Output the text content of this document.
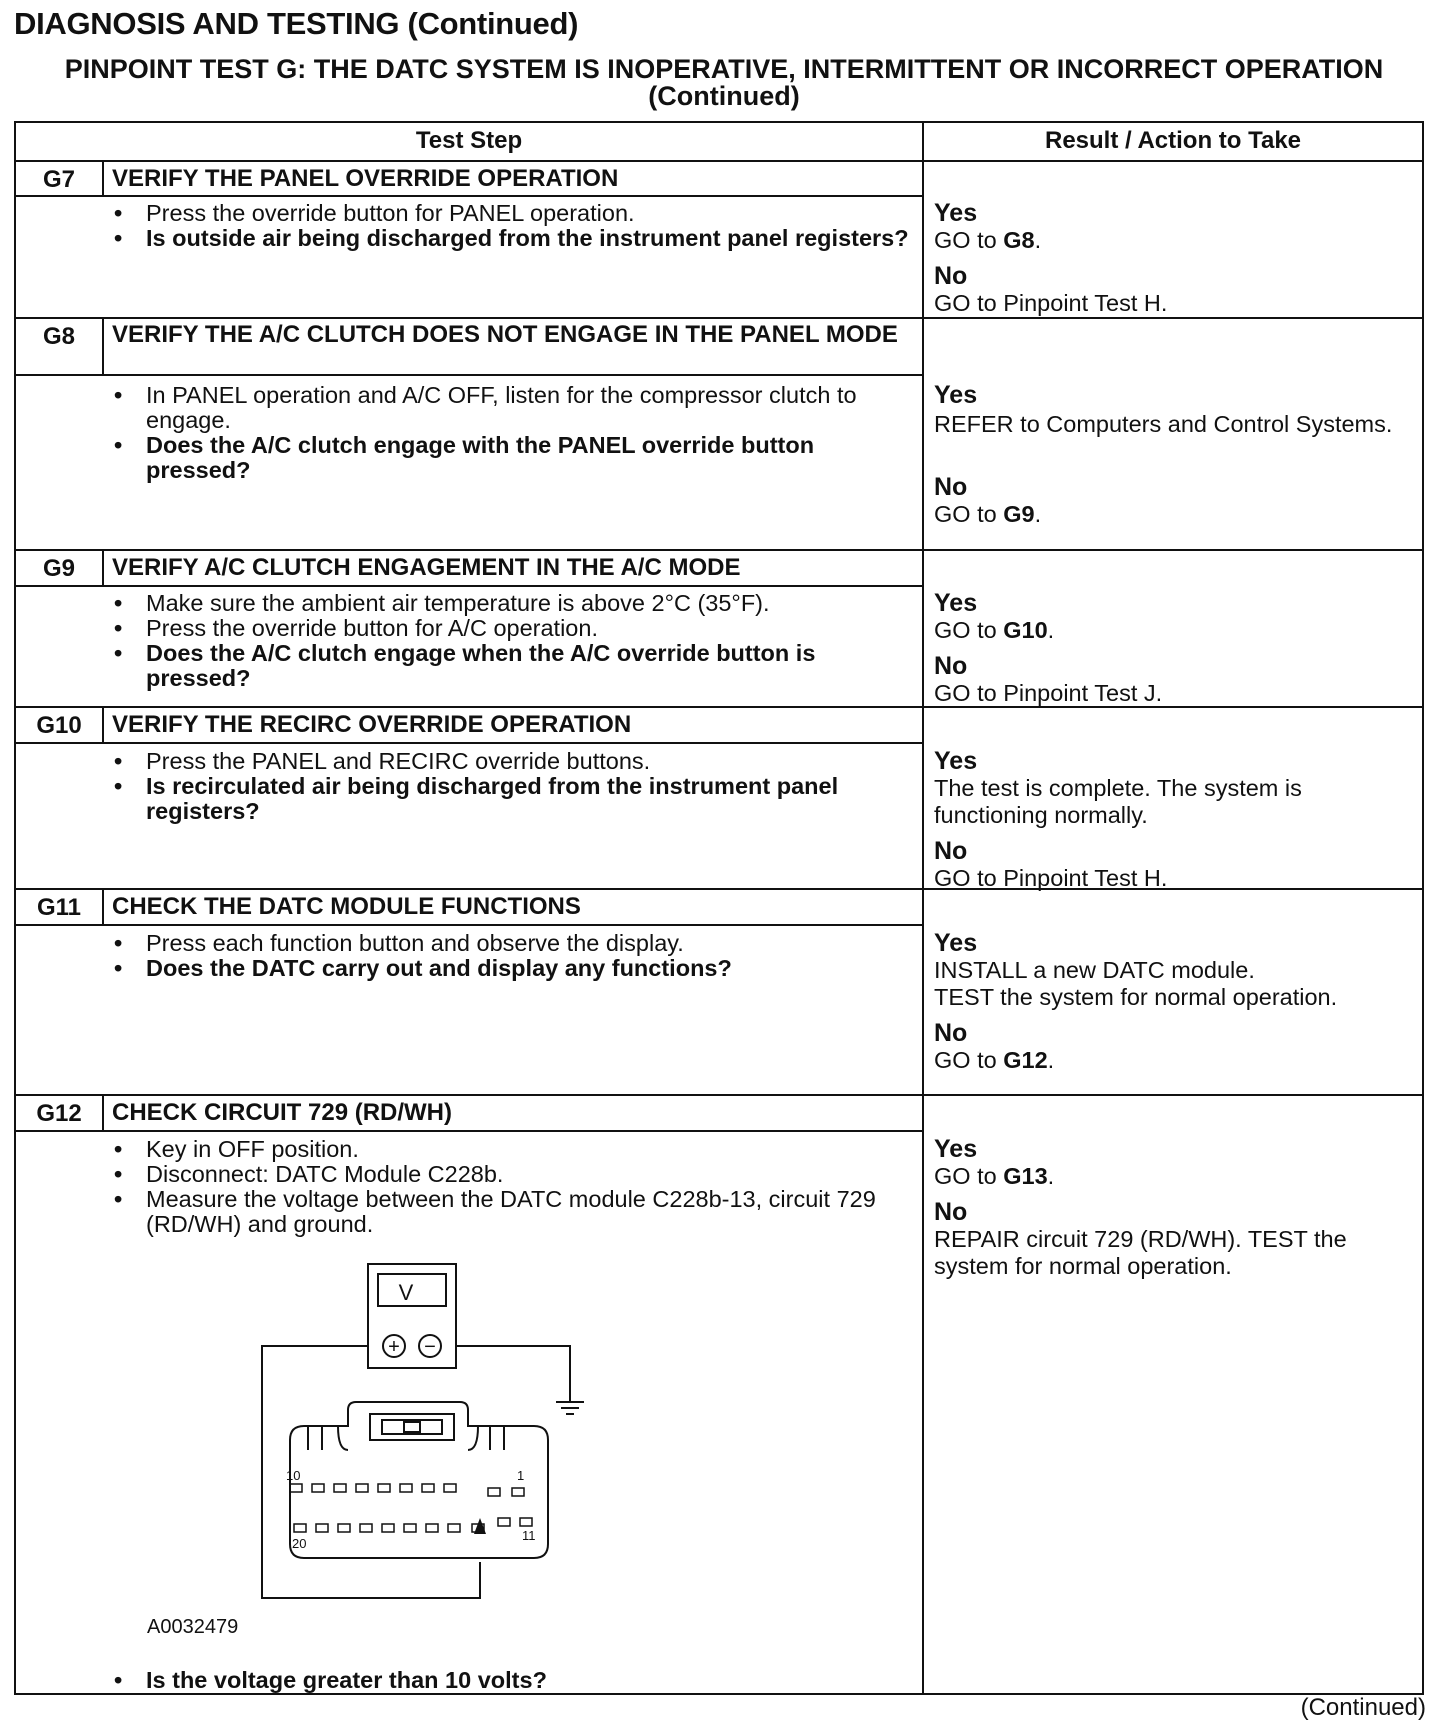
DIAGNOSIS AND TESTING (Continued)
PINPOINT TEST G: THE DATC SYSTEM IS INOPERATIVE, INTERMITTENT OR INCORRECT OPERATION
(Continued)
Test Step	Result / Action to Take
G7	VERIFY THE PANEL OVERRIDE OPERATION
• Press the override button for PANEL operation.
• Is outside air being discharged from the instrument panel registers?
Yes
GO to G8.
No
GO to Pinpoint Test H.
G8	VERIFY THE A/C CLUTCH DOES NOT ENGAGE IN THE PANEL MODE
• In PANEL operation and A/C OFF, listen for the compressor clutch to engage.
• Does the A/C clutch engage with the PANEL override button pressed?
Yes
REFER to Computers and Control Systems.
No
GO to G9.
G9	VERIFY A/C CLUTCH ENGAGEMENT IN THE A/C MODE
• Make sure the ambient air temperature is above 2°C (35°F).
• Press the override button for A/C operation.
• Does the A/C clutch engage when the A/C override button is pressed?
Yes
GO to G10.
No
GO to Pinpoint Test J.
G10	VERIFY THE RECIRC OVERRIDE OPERATION
• Press the PANEL and RECIRC override buttons.
• Is recirculated air being discharged from the instrument panel registers?
Yes
The test is complete. The system is functioning normally.
No
GO to Pinpoint Test H.
G11	CHECK THE DATC MODULE FUNCTIONS
• Press each function button and observe the display.
• Does the DATC carry out and display any functions?
Yes
INSTALL a new DATC module.
TEST the system for normal operation.
No
GO to G12.
G12	CHECK CIRCUIT 729 (RD/WH)
• Key in OFF position.
• Disconnect: DATC Module C228b.
• Measure the voltage between the DATC module C228b-13, circuit 729 (RD/WH) and ground.
• Is the voltage greater than 10 volts?
Yes
GO to G13.
No
REPAIR circuit 729 (RD/WH). TEST the system for normal operation.
V
+ −
10	1
20
11
A0032479
(Continued)
